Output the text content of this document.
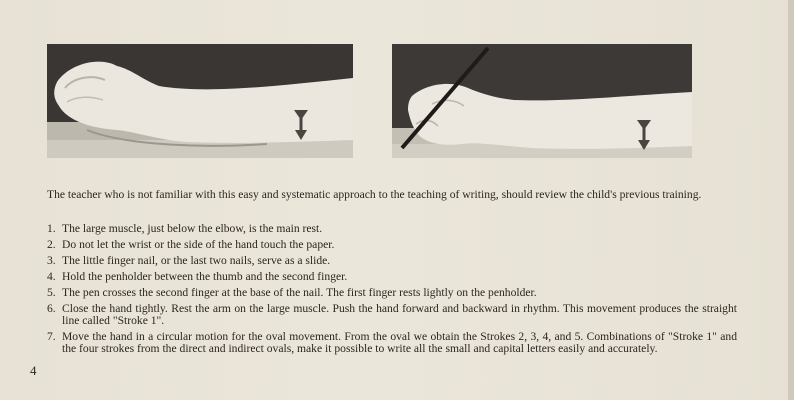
The teacher who is not familiar with this easy and systematic approach to the teaching of writing, should review the child's previous training.

1. The large muscle, just below the elbow, is the main rest.
2. Do not let the wrist or the side of the hand touch the paper.
3. The little finger nail, or the last two nails, serve as a slide.
4. Hold the penholder between the thumb and the second finger.
5. The pen crosses the second finger at the base of the nail. The first finger rests lightly on the penholder.
6. Close the hand tightly. Rest the arm on the large muscle. Push the hand forward and backward in rhythm. This movement produces the straight line called "Stroke 1".
7. Move the hand in a circular motion for the oval movement. From the oval we obtain the Strokes 2, 3, 4, and 5. Combinations of "Stroke 1" and the four strokes from the direct and indirect ovals, make it possible to write all the small and capital letters easily and accurately.
4
